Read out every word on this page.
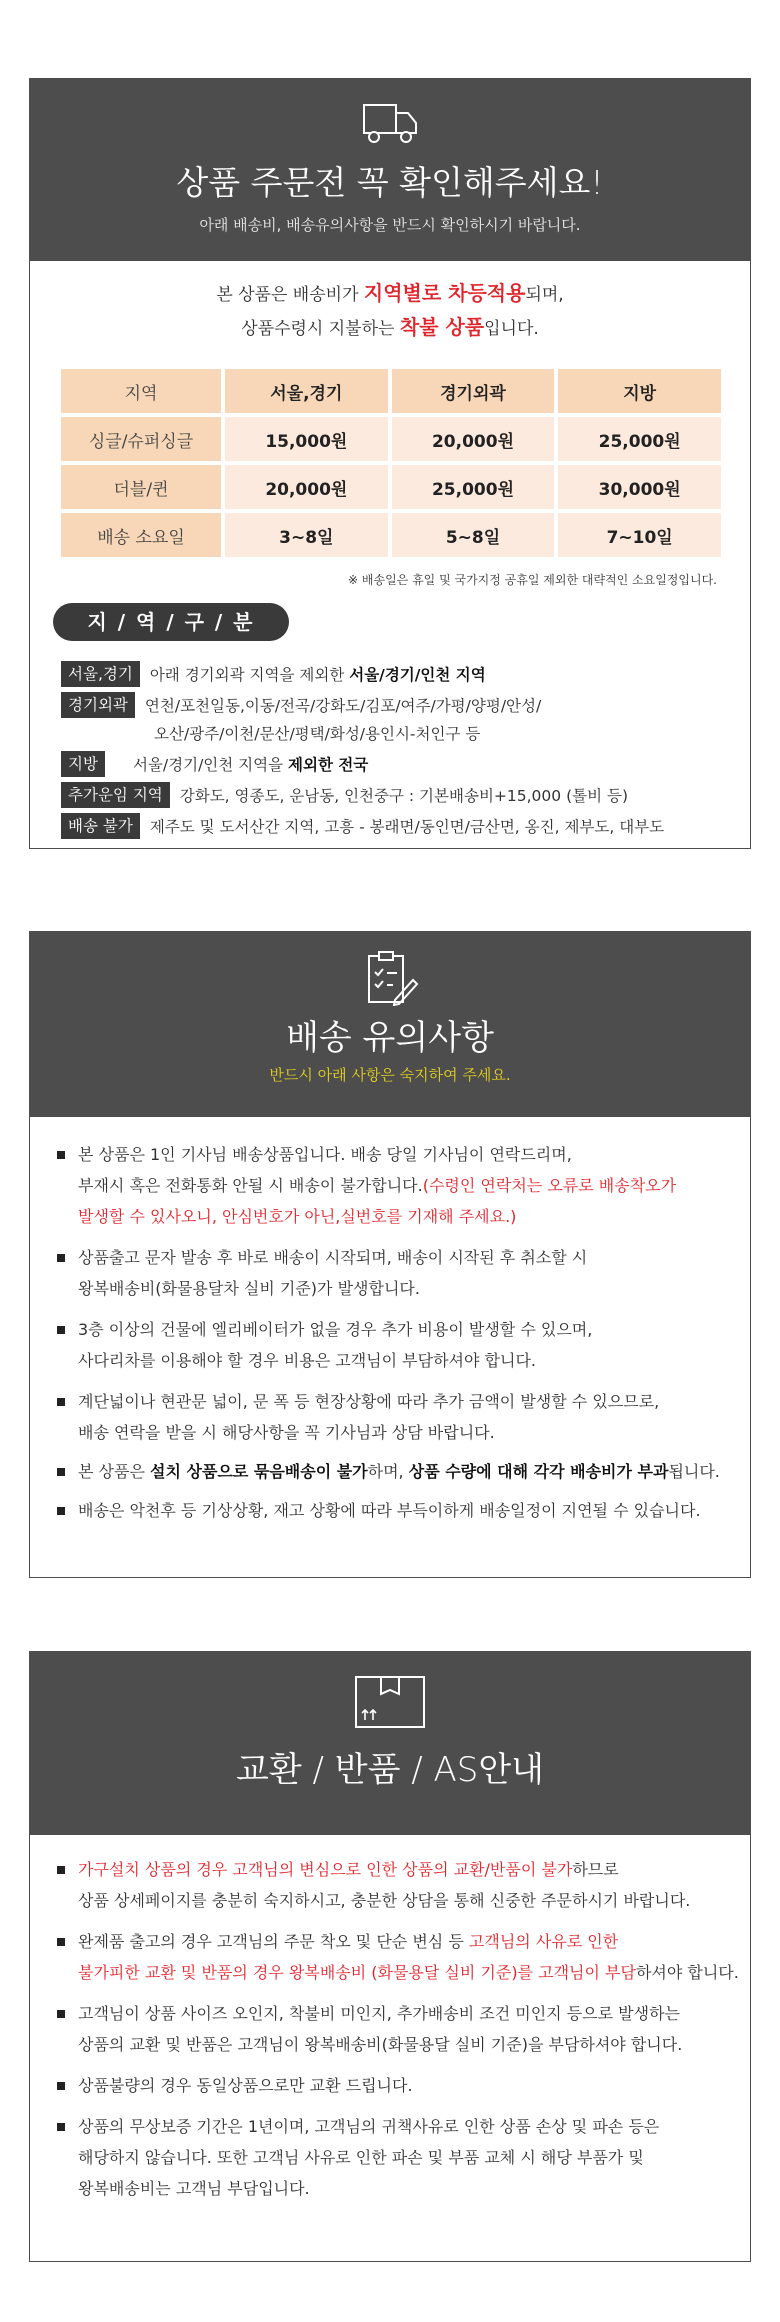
상품 주문전 꼭 확인해주세요!
아래 배송비, 배송유의사항을 반드시 확인하시기 바랍니다.
본 상품은 배송비가 지역별로 차등적용되며,
상품수령시 지불하는 착불 상품입니다.
지역	서울,경기	경기외곽	지방
싱글/슈퍼싱글	15,000원	20,000원	25,000원
더블/퀸	20,000원	25,000원	30,000원
배송 소요일	3~8일	5~8일	7~10일
※ 배송일은 휴일 및 국가지정 공휴일 제외한 대략적인 소요일정입니다.
지 / 역 / 구 / 분
서울,경기 아래 경기외곽 지역을 제외한 서울/경기/인천 지역
경기외곽 연천/포천일동,이동/전곡/강화도/김포/여주/가평/양평/안성/
오산/광주/이천/문산/평택/화성/용인시-처인구 등
지방 서울/경기/인천 지역을 제외한 전국
추가운임 지역 강화도, 영종도, 운남동, 인천중구 : 기본배송비+15,000 (톨비 등)
배송 불가 제주도 및 도서산간 지역, 고흥 - 봉래면/동인면/금산면, 옹진, 제부도, 대부도
배송 유의사항
반드시 아래 사항은 숙지하여 주세요.
본 상품은 1인 기사님 배송상품입니다. 배송 당일 기사님이 연락드리며,
부재시 혹은 전화통화 안될 시 배송이 불가합니다.(수령인 연락처는 오류로 배송착오가
발생할 수 있사오니, 안심번호가 아닌,실번호를 기재해 주세요.)
상품출고 문자 발송 후 바로 배송이 시작되며, 배송이 시작된 후 취소할 시
왕복배송비(화물용달차 실비 기준)가 발생합니다.
3층 이상의 건물에 엘리베이터가 없을 경우 추가 비용이 발생할 수 있으며,
사다리차를 이용해야 할 경우 비용은 고객님이 부담하셔야 합니다.
계단넓이나 현관문 넓이, 문 폭 등 현장상황에 따라 추가 금액이 발생할 수 있으므로,
배송 연락을 받을 시 해당사항을 꼭 기사님과 상담 바랍니다.
본 상품은 설치 상품으로 묶음배송이 불가하며, 상품 수량에 대해 각각 배송비가 부과됩니다.
배송은 악천후 등 기상상황, 재고 상황에 따라 부득이하게 배송일정이 지연될 수 있습니다.
교환 / 반품 / AS안내
가구설치 상품의 경우 고객님의 변심으로 인한 상품의 교환/반품이 불가하므로
상품 상세페이지를 충분히 숙지하시고, 충분한 상담을 통해 신중한 주문하시기 바랍니다.
완제품 출고의 경우 고객님의 주문 착오 및 단순 변심 등 고객님의 사유로 인한
불가피한 교환 및 반품의 경우 왕복배송비 (화물용달 실비 기준)를 고객님이 부담하셔야 합니다.
고객님이 상품 사이즈 오인지, 착불비 미인지, 추가배송비 조건 미인지 등으로 발생하는
상품의 교환 및 반품은 고객님이 왕복배송비(화물용달 실비 기준)을 부담하셔야 합니다.
상품불량의 경우 동일상품으로만 교환 드립니다.
상품의 무상보증 기간은 1년이며, 고객님의 귀책사유로 인한 상품 손상 및 파손 등은
해당하지 않습니다. 또한 고객님 사유로 인한 파손 및 부품 교체 시 해당 부품가 및
왕복배송비는 고객님 부담입니다.
